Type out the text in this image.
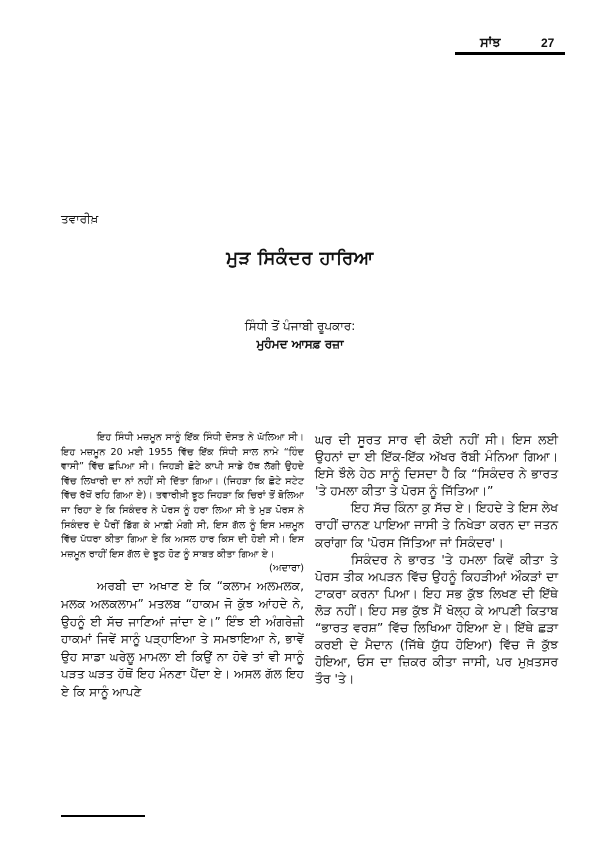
ਸਾਂਝ	27
ਤਵਾਰੀਖ਼
ਮੁੜ ਸਿਕੰਦਰ ਹਾਰਿਆ
ਸਿੰਧੀ ਤੋਂ ਪੰਜਾਬੀ ਰੂਪਕਾਰ:
ਮੁਹੰਮਦ ਆਸਫ਼ ਰਜ਼ਾ

ਇਹ ਸਿੰਧੀ ਮਜ਼ਮੂਨ ਸਾਨੂੰ ਇੱਕ ਸਿੰਧੀ ਦੋਸਤ ਨੇ ਘੱਲਿਆ ਸੀ। ਇਹ ਮਜ਼ਮੂਨ 20 ਮਈ 1955 ਵਿੱਚ ਇੱਕ ਸਿੰਧੀ ਸਾਲ ਨਾਮੇ “ਹਿੰਦ ਵਾਸੀ” ਵਿੱਚ ਛਪਿਆ ਸੀ। ਜਿਹੜੀ ਛੋਟੇ ਕਾਪੀ ਸਾਡੇ ਹੱਥ ਲੱਗੀ ਉਹਦੇ ਵਿੱਚ ਲਿਖਾਰੀ ਦਾ ਨਾਂ ਨਹੀਂ ਸੀ ਦਿੱਤਾ ਗਿਆ। (ਜਿਹੜਾ ਕਿ ਛੋਟੇ ਸਟੇਟ ਵਿੱਚ ਰੱਖੋਂ ਰਹਿ ਗਿਆ ਏ)। ਤਵਾਰੀਖ਼ੀ ਝੂਠ ਜਿਹੜਾ ਕਿ ਚਿਰਾਂ ਤੋਂ ਬੋਲਿਆ ਜਾ ਰਿਹਾ ਏ ਕਿ ਸਿਕੰਦਰ ਨੇ ਪੋਰਸ ਨੂੰ ਹਰਾ ਲਿਆ ਸੀ ਤੇ ਮੁੜ ਪੋਰਸ ਨੇ ਸਿਕੰਦਰ ਦੇ ਪੈਰੀਂ ਡਿੱਗ ਕੇ ਮਾਫ਼ੀ ਮੰਗੀ ਸੀ, ਇਸ ਗੱਲ ਨੂੰ ਇਸ ਮਜ਼ਮੂਨ ਵਿੱਚ ਪੱਧਰਾ ਕੀਤਾ ਗਿਆ ਏ ਕਿ ਅਸਲ ਹਾਰ ਕਿਸ ਦੀ ਹੋਈ ਸੀ। ਇਸ ਮਜ਼ਮੂਨ ਰਾਹੀਂ ਇਸ ਗੱਲ ਦੇ ਝੂਠ ਹੋਣ ਨੂੰ ਸਾਬਤ ਕੀਤਾ ਗਿਆ ਏ।

(ਅਦਾਰਾ)

ਅਰਬੀ ਦਾ ਅਖਾਣ ਏ ਕਿ “ਕਲਾਮ ਅਲਮਲਕ, ਮਲਕ ਅਲਕਲਾਮ” ਮਤਲਬ “ਹਾਕਮ ਜੋ ਕੁੱਝ ਆਂਹਦੇ ਨੇ, ਉਹਨੂੰ ਈ ਸੱਚ ਜਾਣਿਆਂ ਜਾਂਦਾ ਏ।” ਇੰਝ ਈ ਅੰਗਰੇਜ਼ੀ ਹਾਕਮਾਂ ਜਿਵੇਂ ਸਾਨੂੰ ਪੜ੍ਹਾਇਆ ਤੇ ਸਮਝਾਇਆ ਨੇ, ਭਾਵੇਂ ਉਹ ਸਾਡਾ ਘਰੇਲੂ ਮਾਮਲਾ ਈ ਕਿਉਂ ਨਾ ਹੋਵੇ ਤਾਂ ਵੀ ਸਾਨੂੰ ਪੜਤ ਘੜਤ ਹੱਥੋਂ ਇਹ ਮੰਨਣਾ ਪੈਂਦਾ ਏ। ਅਸਲ ਗੱਲ ਇਹ ਏ ਕਿ ਸਾਨੂੰ ਆਪਣੇ

ਘਰ ਦੀ ਸੂਰਤ ਸਾਰ ਵੀ ਕੋਈ ਨਹੀਂ ਸੀ। ਇਸ ਲਈ ਉਹਨਾਂ ਦਾ ਈ ਇੱਕ-ਇੱਕ ਅੱਖਰ ਰੱਬੀ ਮੰਨਿਆ ਗਿਆ। ਇਸੇ ਝੌਲੇ ਹੇਠ ਸਾਨੂੰ ਦਿਸਦਾ ਹੈ ਕਿ “ਸਿਕੰਦਰ ਨੇ ਭਾਰਤ 'ਤੇ ਹਮਲਾ ਕੀਤਾ ਤੇ ਪੋਰਸ ਨੂੰ ਜਿੱਤਿਆ।”

ਇਹ ਸੱਚ ਕਿੰਨਾ ਕੁ ਸੱਚ ਏ। ਇਹਦੇ ਤੇ ਇਸ ਲੇਖ ਰਾਹੀਂ ਚਾਨਣ ਪਾਇਆ ਜਾਸੀ ਤੇ ਨਿਖੇੜਾ ਕਰਨ ਦਾ ਜਤਨ ਕਰਾਂਗਾ ਕਿ 'ਪੋਰਸ ਜਿੱਤਿਆ ਜਾਂ ਸਿਕੰਦਰ'।

ਸਿਕੰਦਰ ਨੇ ਭਾਰਤ 'ਤੇ ਹਮਲਾ ਕਿਵੇਂ ਕੀਤਾ ਤੇ ਪੋਰਸ ਤੀਕ ਅਪੜਨ ਵਿੱਚ ਉਹਨੂੰ ਕਿਹੜੀਆਂ ਔਕੜਾਂ ਦਾ ਟਾਕਰਾ ਕਰਨਾ ਪਿਆ। ਇਹ ਸਭ ਕੁੱਝ ਲਿਖਣ ਦੀ ਇੱਥੇ ਲੋੜ ਨਹੀਂ। ਇਹ ਸਭ ਕੁੱਝ ਮੈਂ ਖੋਲ੍ਹ ਕੇ ਆਪਣੀ ਕਿਤਾਬ “ਭਾਰਤ ਵਰਸ਼” ਵਿੱਚ ਲਿਖਿਆ ਹੋਇਆ ਏ। ਇੱਥੇ ਛੜਾ ਕਰਈ ਦੇ ਮੈਦਾਨ (ਜਿੱਥੇ ਯੁੱਧ ਹੋਇਆ) ਵਿੱਚ ਜੋ ਕੁੱਝ ਹੋਇਆ, ਓਸ ਦਾ ਜ਼ਿਕਰ ਕੀਤਾ ਜਾਸੀ, ਪਰ ਮੁਖ਼ਤਸਰ ਤੌਰ 'ਤੇ।
